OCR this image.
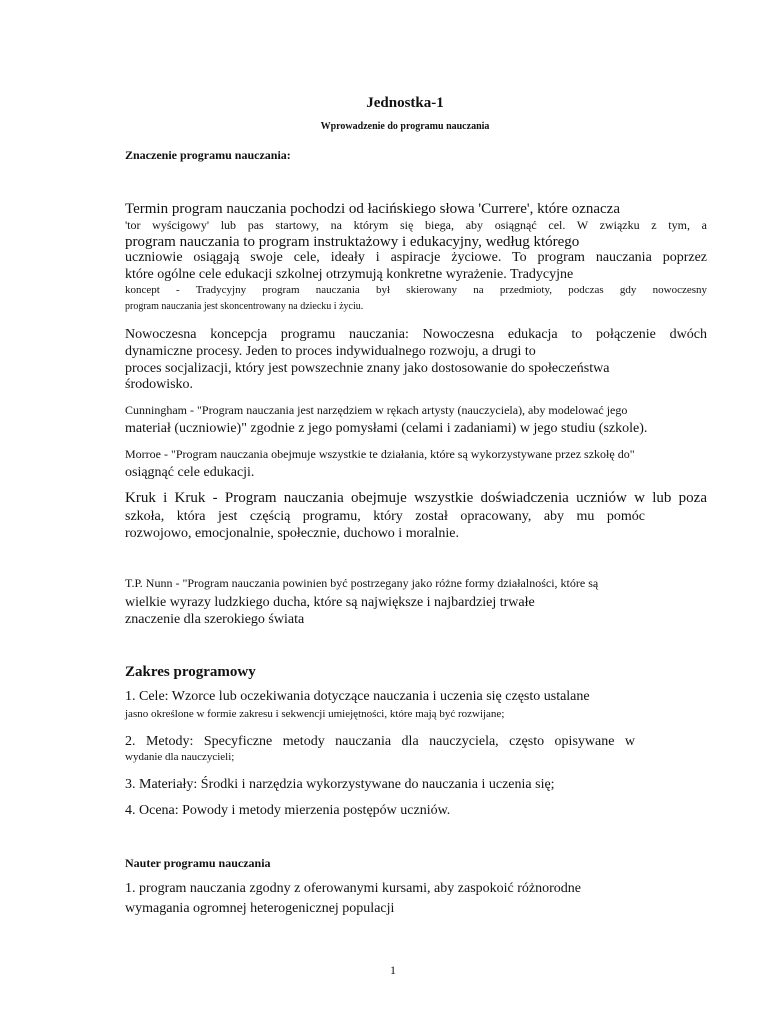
Jednostka-1
Wprowadzenie do programu nauczania
Znaczenie programu nauczania:
Termin program nauczania pochodzi od łacińskiego słowa 'Currere', które oznacza
'tor wyścigowy' lub pas startowy, na którym się biega, aby osiągnąć cel. W związku z tym, a
program nauczania to program instruktażowy i edukacyjny, według którego
uczniowie osiągają swoje cele, ideały i aspiracje życiowe. To program nauczania poprzez
które ogólne cele edukacji szkolnej otrzymują konkretne wyrażenie. Tradycyjne
koncept - Tradycyjny program nauczania był skierowany na przedmioty, podczas gdy nowoczesny
program nauczania jest skoncentrowany na dziecku i życiu.
Nowoczesna koncepcja programu nauczania: Nowoczesna edukacja to połączenie dwóch
dynamiczne procesy. Jeden to proces indywidualnego rozwoju, a drugi to
proces socjalizacji, który jest powszechnie znany jako dostosowanie do społeczeństwa
środowisko.
Cunningham - "Program nauczania jest narzędziem w rękach artysty (nauczyciela), aby modelować jego
materiał (uczniowie)" zgodnie z jego pomysłami (celami i zadaniami) w jego studiu (szkole).
Morroe - "Program nauczania obejmuje wszystkie te działania, które są wykorzystywane przez szkołę do"
osiągnąć cele edukacji.
Kruk i Kruk - Program nauczania obejmuje wszystkie doświadczenia uczniów w lub poza
szkoła, która jest częścią programu, który został opracowany, aby mu pomóc
rozwojowo, emocjonalnie, społecznie, duchowo i moralnie.
T.P. Nunn - "Program nauczania powinien być postrzegany jako różne formy działalności, które są
wielkie wyrazy ludzkiego ducha, które są największe i najbardziej trwałe
znaczenie dla szerokiego świata
Zakres programowy
1. Cele: Wzorce lub oczekiwania dotyczące nauczania i uczenia się często ustalane
jasno określone w formie zakresu i sekwencji umiejętności, które mają być rozwijane;
2. Metody: Specyficzne metody nauczania dla nauczyciela, często opisywane w
wydanie dla nauczycieli;
3. Materiały: Środki i narzędzia wykorzystywane do nauczania i uczenia się;
4. Ocena: Powody i metody mierzenia postępów uczniów.
Nauter programu nauczania
1. program nauczania zgodny z oferowanymi kursami, aby zaspokoić różnorodne
wymagania ogromnej heterogenicznej populacji
1
